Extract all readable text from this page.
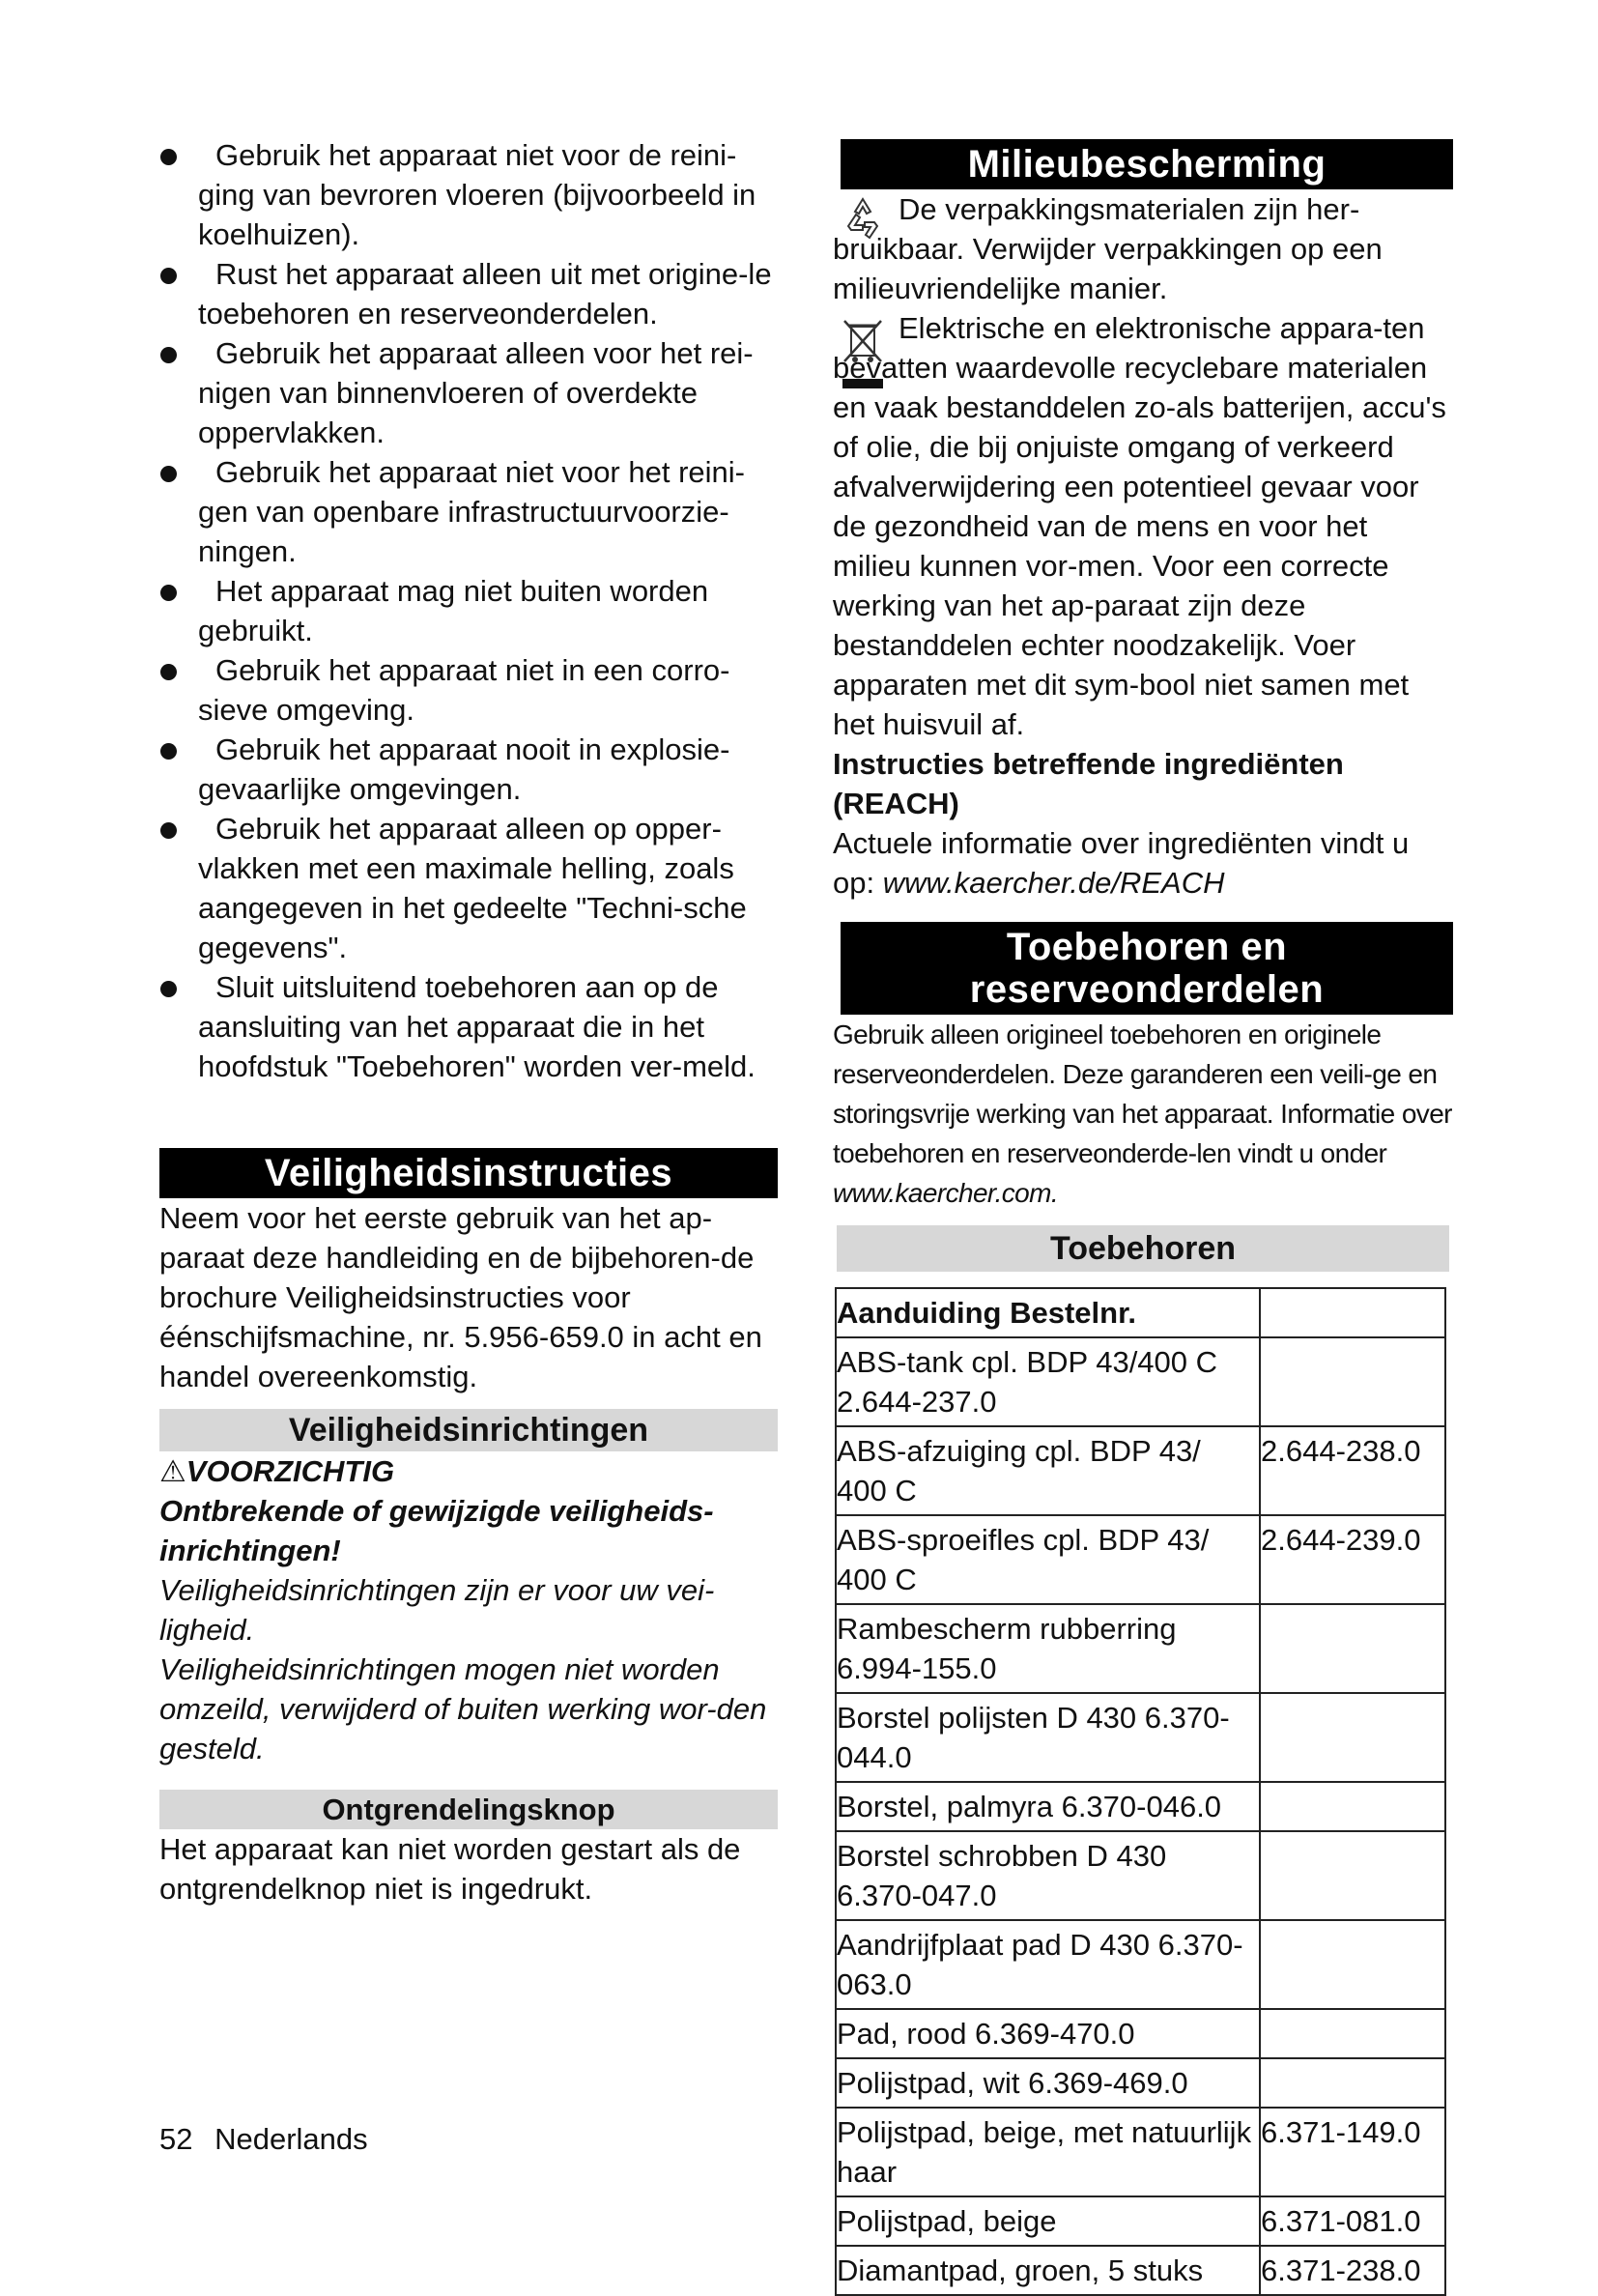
Gebruik het apparaat niet voor de reini-ging van bevroren vloeren (bijvoorbeeld in koelhuizen).
Rust het apparaat alleen uit met origine-le toebehoren en reserveonderdelen.
Gebruik het apparaat alleen voor het rei-nigen van binnenvloeren of overdekte oppervlakken.
Gebruik het apparaat niet voor het reini-gen van openbare infrastructuurvoorzie-ningen.
Het apparaat mag niet buiten worden gebruikt.
Gebruik het apparaat niet in een corro-sieve omgeving.
Gebruik het apparaat nooit in explosie-gevaarlijke omgevingen.
Gebruik het apparaat alleen op opper-vlakken met een maximale helling, zoals aangegeven in het gedeelte "Techni-sche gegevens".
Sluit uitsluitend toebehoren aan op de aansluiting van het apparaat die in het hoofdstuk "Toebehoren" worden ver-meld.
Veiligheidsinstructies

Neem voor het eerste gebruik van het ap-paraat deze handleiding en de bijbehoren-de brochure Veiligheidsinstructies voor éénschijfsmachine, nr. 5.956-659.0 in acht en handel overeenkomstig.

Veiligheidsinrichtingen
⚠VOORZICHTIG

Ontbrekende of gewijzigde veiligheids-inrichtingen!

Veiligheidsinrichtingen zijn er voor uw vei-ligheid.

Veiligheidsinrichtingen mogen niet worden omzeild, verwijderd of buiten werking wor-den gesteld.

Ontgrendelingsknop

Het apparaat kan niet worden gestart als de ontgrendelknop niet is ingedrukt.

Milieubescherming

De verpakkingsmaterialen zijn her-bruikbaar. Verwijder verpakkingen op een milieuvriendelijke manier.

Elektrische en elektronische appara-ten bevatten waardevolle recyclebare materialen en vaak bestanddelen zo-als batterijen, accu's of olie, die bij onjuiste omgang of verkeerd afvalverwijdering een potentieel gevaar voor de gezondheid van de mens en voor het milieu kunnen vor-men. Voor een correcte werking van het ap-paraat zijn deze bestanddelen echter noodzakelijk. Voer apparaten met dit sym-bool niet samen met het huisvuil af.

Instructies betreffende ingrediënten (REACH)

Actuele informatie over ingrediënten vindt u op: www.kaercher.de/REACH

Toebehoren en
reserveonderdelen

Gebruik alleen origineel toebehoren en originele reserveonderdelen. Deze garanderen een veili-ge en storingsvrije werking van het apparaat. Informatie over toebehoren en reserveonderde-len vindt u onder www.kaercher.com.

Toebehoren
Aanduiding Bestelnr.	
ABS-tank cpl. BDP 43/400 C 2.644-237.0	
ABS-afzuiging cpl. BDP 43/ 400 C	2.644-238.0
ABS-sproeifles cpl. BDP 43/ 400 C	2.644-239.0
Rambescherm rubberring 6.994-155.0	
Borstel polijsten D 430 6.370-044.0	
Borstel, palmyra 6.370-046.0	
Borstel schrobben D 430 6.370-047.0	
Aandrijfplaat pad D 430 6.370-063.0	
Pad, rood 6.369-470.0	
Polijstpad, wit 6.369-469.0	
Polijstpad, beige, met natuurlijk haar	6.371-149.0
Polijstpad, beige	6.371-081.0
Diamantpad, groen, 5 stuks	6.371-238.0
52 Nederlands
